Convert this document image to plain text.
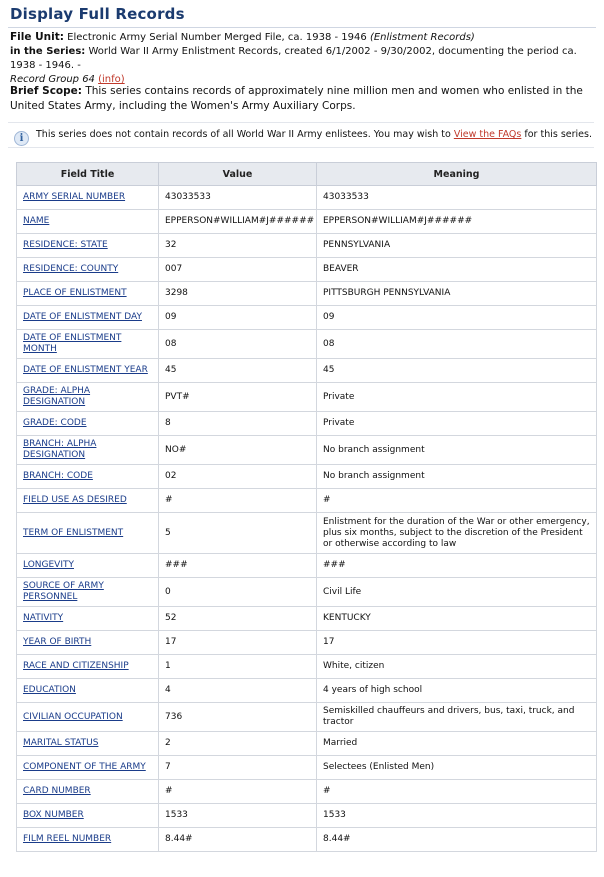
Display Full Records
File Unit: Electronic Army Serial Number Merged File, ca. 1938 - 1946 (Enlistment Records)
in the Series: World War II Army Enlistment Records, created 6/1/2002 - 9/30/2002, documenting the period ca. 1938 - 1946. -
Record Group 64 (info)
Brief Scope: This series contains records of approximately nine million men and women who enlisted in the United States Army, including the Women's Army Auxiliary Corps.
i	This series does not contain records of all World War II Army enlistees. You may wish to View the FAQs for this series.
Field Title	Value	Meaning
ARMY SERIAL NUMBER	43033533	43033533
NAME	EPPERSON#WILLIAM#J######	EPPERSON#WILLIAM#J######
RESIDENCE: STATE	32	PENNSYLVANIA
RESIDENCE: COUNTY	007	BEAVER
PLACE OF ENLISTMENT	3298	PITTSBURGH PENNSYLVANIA
DATE OF ENLISTMENT DAY	09	09
DATE OF ENLISTMENT MONTH	08	08
DATE OF ENLISTMENT YEAR	45	45
GRADE: ALPHA DESIGNATION	PVT#	Private
GRADE: CODE	8	Private
BRANCH: ALPHA DESIGNATION	NO#	No branch assignment
BRANCH: CODE	02	No branch assignment
FIELD USE AS DESIRED	#	#
TERM OF ENLISTMENT	5	Enlistment for the duration of the War or other emergency, plus six months, subject to the discretion of the President or otherwise according to law
LONGEVITY	###	###
SOURCE OF ARMY PERSONNEL	0	Civil Life
NATIVITY	52	KENTUCKY
YEAR OF BIRTH	17	17
RACE AND CITIZENSHIP	1	White, citizen
EDUCATION	4	4 years of high school
CIVILIAN OCCUPATION	736	Semiskilled chauffeurs and drivers, bus, taxi, truck, and tractor
MARITAL STATUS	2	Married
COMPONENT OF THE ARMY	7	Selectees (Enlisted Men)
CARD NUMBER	#	#
BOX NUMBER	1533	1533
FILM REEL NUMBER	8.44#	8.44#
